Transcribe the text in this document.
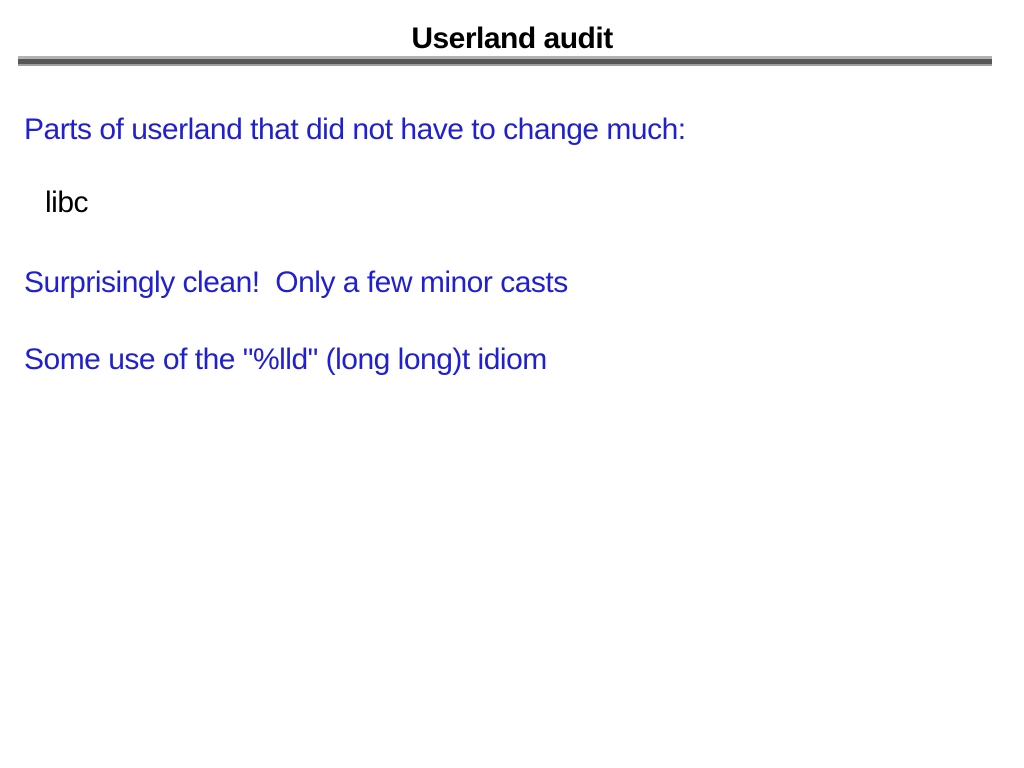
Userland audit
Parts of userland that did not have to change much:
libc
Surprisingly clean!  Only a few minor casts
Some use of the "%lld" (long long)t idiom
